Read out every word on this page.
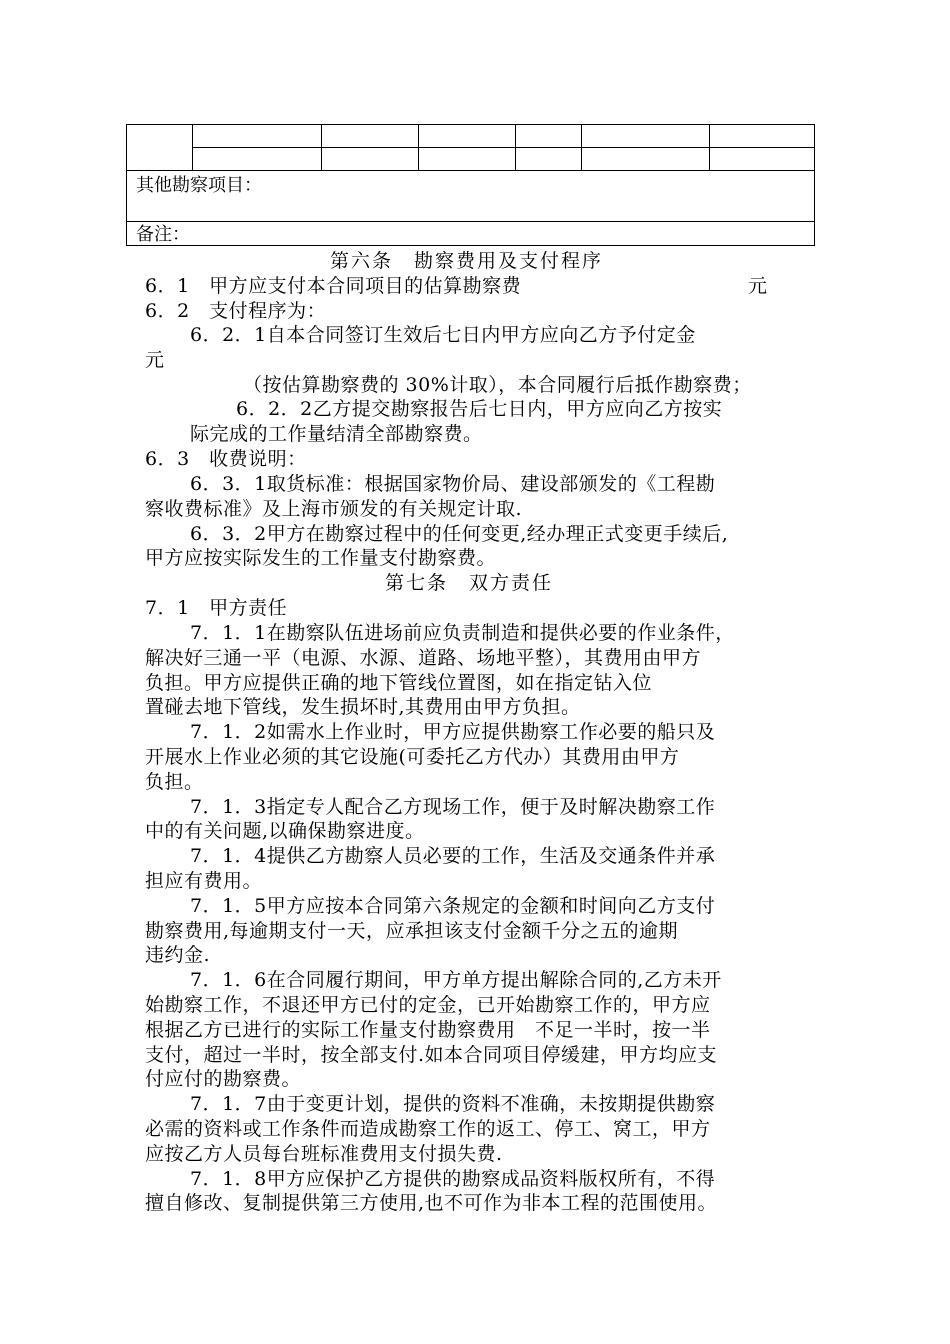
其他勘察项目：
备注：
第六条　勘察费用及支付程序
6．1　甲方应支付本合同项目的估算勘察费	元
6．2　支付程序为：
6．2．1自本合同签订生效后七日内甲方应向乙方予付定金
元
（按估算勘察费的 30%计取），本合同履行后抵作勘察费；
6．2．2乙方提交勘察报告后七日内，甲方应向乙方按实
际完成的工作量结清全部勘察费。
6．3　收费说明：
6．3．1取货标准：根据国家物价局、建设部颁发的《工程勘
察收费标准》及上海市颁发的有关规定计取.
6．3．2甲方在勘察过程中的任何变更,经办理正式变更手续后,
甲方应按实际发生的工作量支付勘察费。
第七条　双方责任
7．1　甲方责任
7．1．1在勘察队伍进场前应负责制造和提供必要的作业条件，
解决好三通一平（电源、水源、道路、场地平整），其费用由甲方
负担。甲方应提供正确的地下管线位置图，如在指定钻入位
置碰去地下管线，发生损坏时,其费用由甲方负担。
7．1．2如需水上作业时，甲方应提供勘察工作必要的船只及
开展水上作业必须的其它设施(可委托乙方代办）其费用由甲方
负担。
7．1．3指定专人配合乙方现场工作，便于及时解决勘察工作
中的有关问题,以确保勘察进度。
7．1．4提供乙方勘察人员必要的工作，生活及交通条件并承
担应有费用。
7．1．5甲方应按本合同第六条规定的金额和时间向乙方支付
勘察费用,每逾期支付一天，应承担该支付金额千分之五的逾期
违约金.
7．1．6在合同履行期间，甲方单方提出解除合同的,乙方未开
始勘察工作，不退还甲方已付的定金，已开始勘察工作的，甲方应
根据乙方已进行的实际工作量支付勘察费用　不足一半时，按一半
支付，超过一半时，按全部支付.如本合同项目停缓建，甲方均应支
付应付的勘察费。
7．1．7由于变更计划，提供的资料不准确，未按期提供勘察
必需的资料或工作条件而造成勘察工作的返工、停工、窝工，甲方
应按乙方人员每台班标准费用支付损失费.
7．1．8甲方应保护乙方提供的勘察成品资料版权所有，不得
擅自修改、复制提供第三方使用,也不可作为非本工程的范围使用。
